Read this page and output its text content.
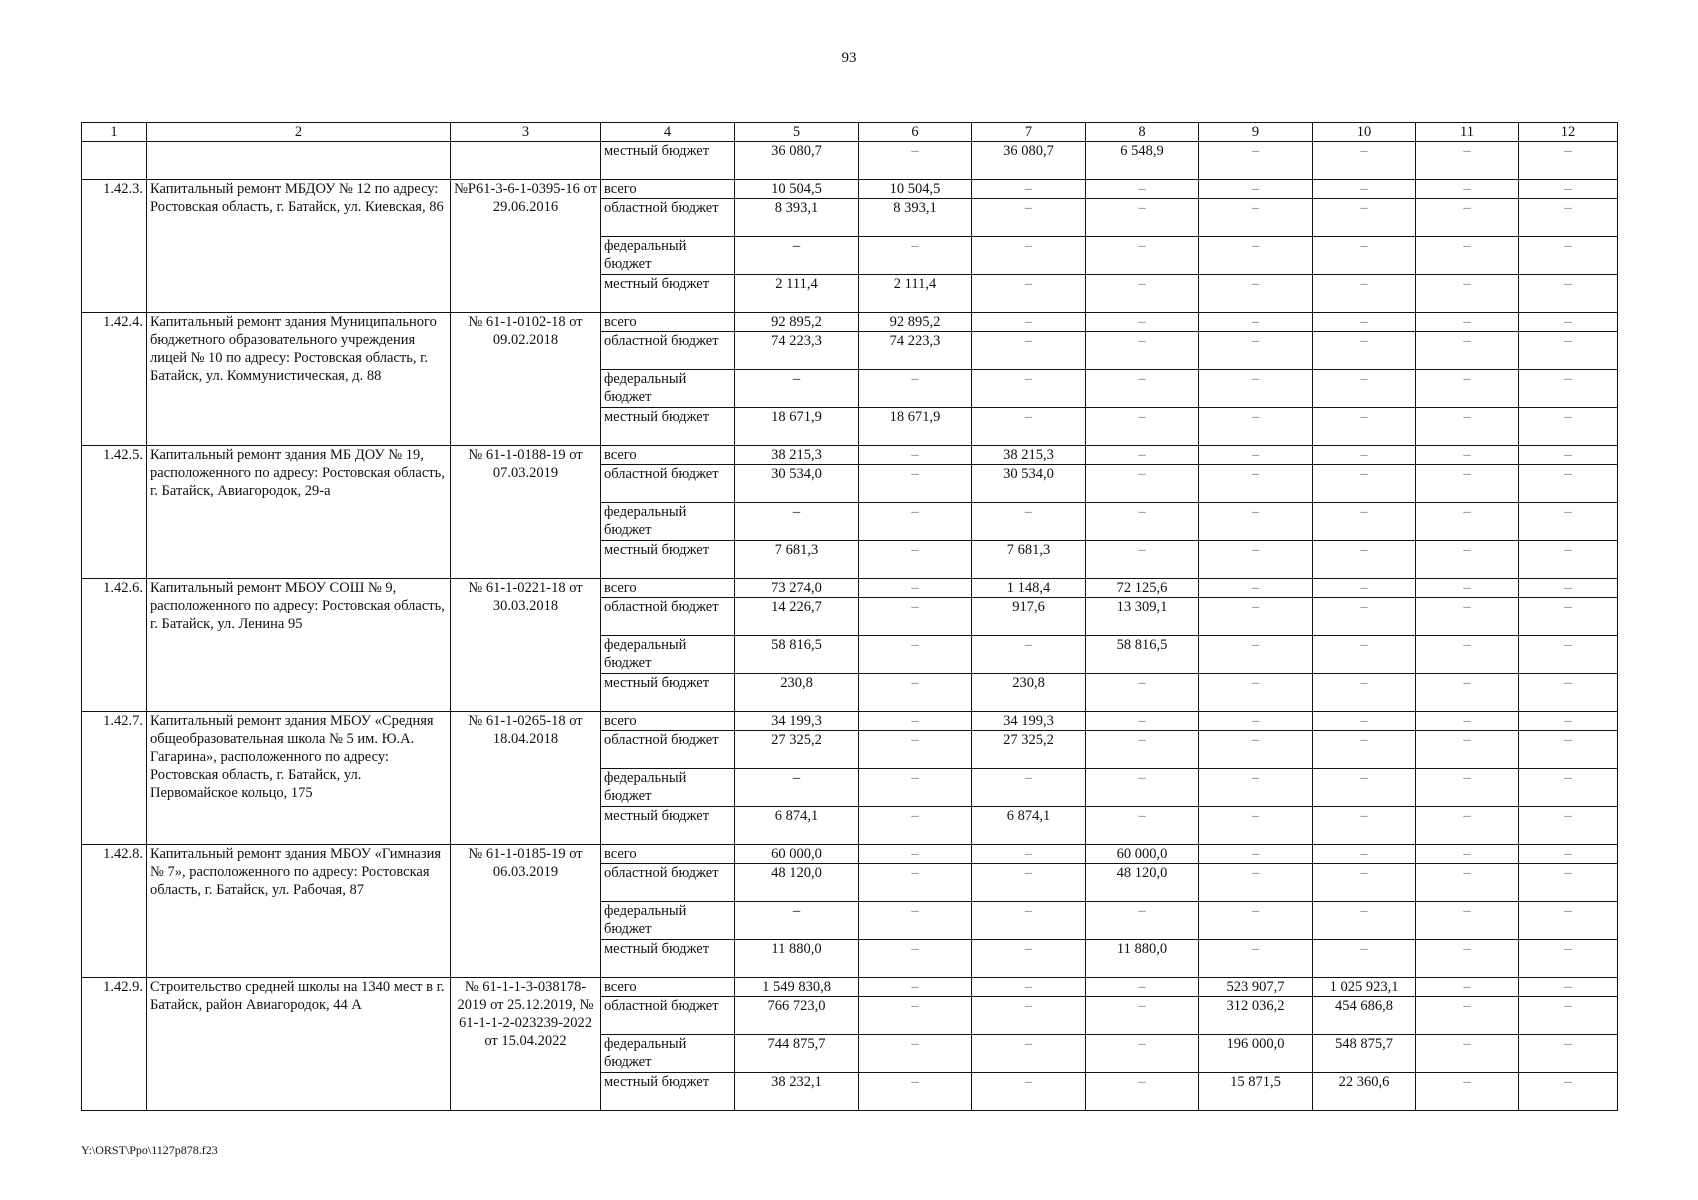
93
1	2	3	4	5	6	7	8	9	10	11	12
			местный бюджет	36 080,7	–	36 080,7	6 548,9	–	–	–	–
1.42.3.	Капитальный ремонт МБДОУ № 12 по адресу: Ростовская область, г. Батайск, ул. Киевская, 86	№Р61-3-6-1-0395-16 от 29.06.2016	всего	10 504,5	10 504,5	–	–	–	–	–	–
			областной бюджет	8 393,1	8 393,1	–	–	–	–	–	–
			федеральный бюджет	–	–	–	–	–	–	–	–
			местный бюджет	2 111,4	2 111,4	–	–	–	–	–	–
1.42.4.	Капитальный ремонт здания Муниципального бюджетного образовательного учреждения лицей № 10 по адресу: Ростовская область, г. Батайск, ул. Коммунистическая, д. 88	№ 61-1-0102-18 от 09.02.2018	всего	92 895,2	92 895,2	–	–	–	–	–	–
			областной бюджет	74 223,3	74 223,3	–	–	–	–	–	–
			федеральный бюджет	–	–	–	–	–	–	–	–
			местный бюджет	18 671,9	18 671,9	–	–	–	–	–	–
1.42.5.	Капитальный ремонт здания МБ ДОУ № 19, расположенного по адресу: Ростовская область, г. Батайск, Авиагородок, 29-а	№ 61-1-0188-19 от 07.03.2019	всего	38 215,3	–	38 215,3	–	–	–	–	–
			областной бюджет	30 534,0	–	30 534,0	–	–	–	–	–
			федеральный бюджет	–	–	–	–	–	–	–	–
			местный бюджет	7 681,3	–	7 681,3	–	–	–	–	–
1.42.6.	Капитальный ремонт МБОУ СОШ № 9, расположенного по адресу: Ростовская область, г. Батайск, ул. Ленина 95	№ 61-1-0221-18 от 30.03.2018	всего	73 274,0	–	1 148,4	72 125,6	–	–	–	–
			областной бюджет	14 226,7	–	917,6	13 309,1	–	–	–	–
			федеральный бюджет	58 816,5	–	–	58 816,5	–	–	–	–
			местный бюджет	230,8	–	230,8	–	–	–	–	–
1.42.7.	Капитальный ремонт здания МБОУ «Средняя общеобразовательная школа № 5 им. Ю.А. Гагарина», расположенного по адресу: Ростовская область, г. Батайск, ул. Первомайское кольцо, 175	№ 61-1-0265-18 от 18.04.2018	всего	34 199,3	–	34 199,3	–	–	–	–	–
			областной бюджет	27 325,2	–	27 325,2	–	–	–	–	–
			федеральный бюджет	–	–	–	–	–	–	–	–
			местный бюджет	6 874,1	–	6 874,1	–	–	–	–	–
1.42.8.	Капитальный ремонт здания МБОУ «Гимназия № 7», расположенного по адресу: Ростовская область, г. Батайск, ул. Рабочая, 87	№ 61-1-0185-19 от 06.03.2019	всего	60 000,0	–	–	60 000,0	–	–	–	–
			областной бюджет	48 120,0	–	–	48 120,0	–	–	–	–
			федеральный бюджет	–	–	–	–	–	–	–	–
			местный бюджет	11 880,0	–	–	11 880,0	–	–	–	–
1.42.9.	Строительство средней школы на 1340 мест в г. Батайск, район Авиагородок, 44 А	№ 61-1-1-3-038178-2019 от 25.12.2019, № 61-1-1-2-023239-2022 от 15.04.2022	всего	1 549 830,8	–	–	–	523 907,7	1 025 923,1	–	–
			областной бюджет	766 723,0	–	–	–	312 036,2	454 686,8	–	–
			федеральный бюджет	744 875,7	–	–	–	196 000,0	548 875,7	–	–
			местный бюджет	38 232,1	–	–	–	15 871,5	22 360,6	–	–
Y:\ORST\Ppo\1127p878.f23
